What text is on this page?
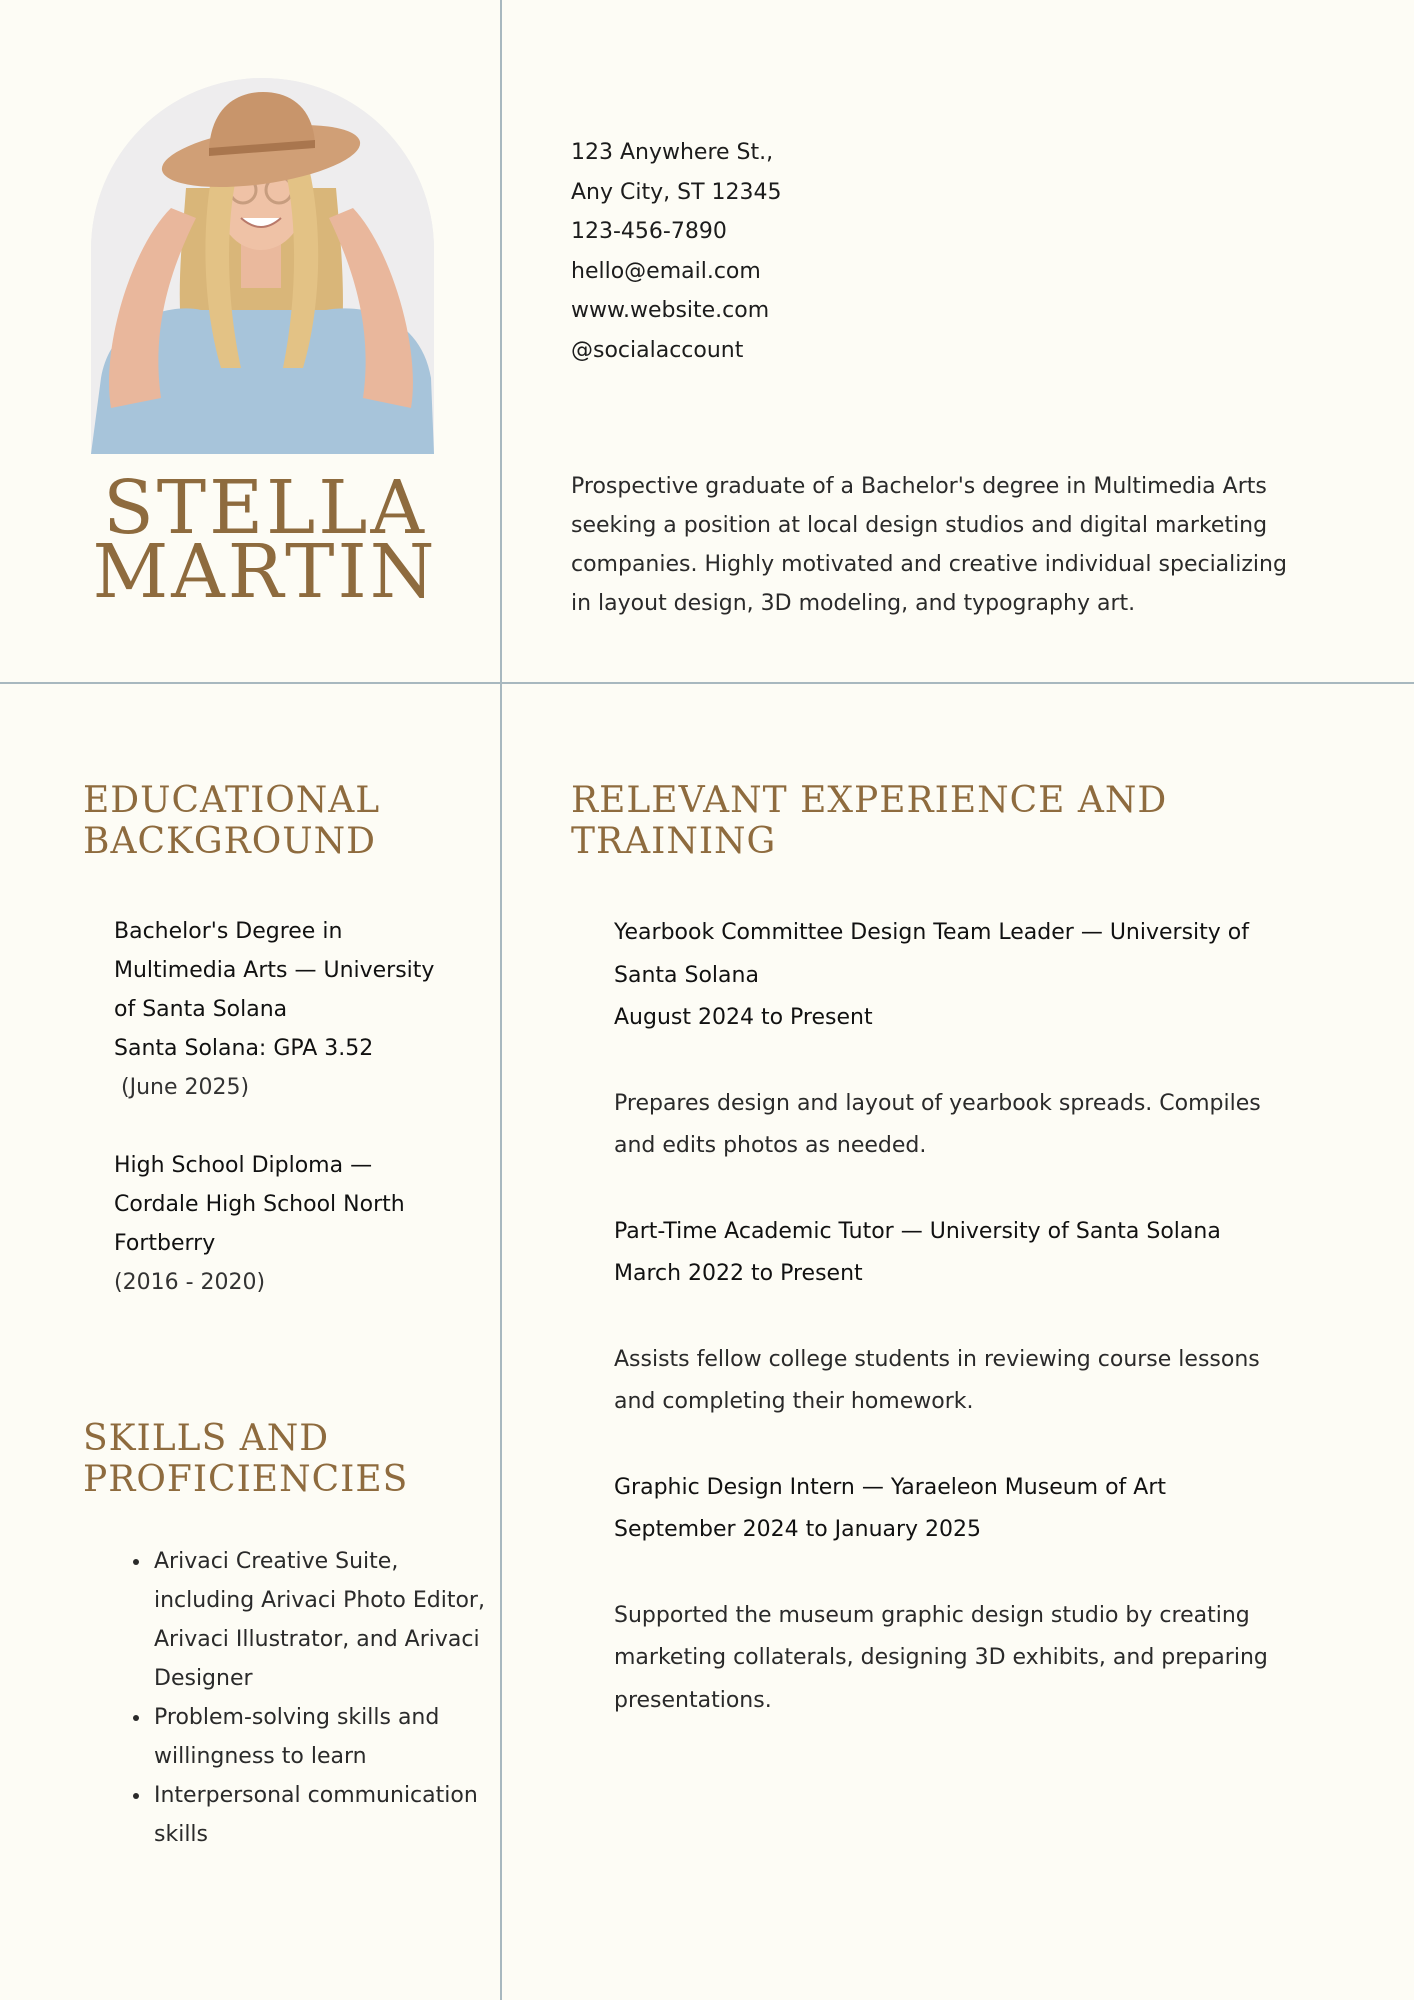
STELLA
MARTIN
123 Anywhere St.,
Any City, ST 12345
123-456-7890
hello@email.com
www.website.com
@socialaccount
Prospective graduate of a Bachelor's degree in Multimedia Arts seeking a position at local design studios and digital marketing companies. Highly motivated and creative individual specializing in layout design, 3D modeling, and typography art.
EDUCATIONAL
BACKGROUND
Bachelor's Degree in
Multimedia Arts — University
of Santa Solana
Santa Solana: GPA 3.52
(June 2025)
High School Diploma —
Cordale High School North
Fortberry
(2016 - 2020)
SKILLS AND
PROFICIENCIES
• Arivaci Creative Suite, including Arivaci Photo Editor, Arivaci Illustrator, and Arivaci Designer
• Problem-solving skills and willingness to learn
• Interpersonal communication skills
RELEVANT EXPERIENCE AND
TRAINING
Yearbook Committee Design Team Leader — University of
Santa Solana
August 2024 to Present
Prepares design and layout of yearbook spreads. Compiles and edits photos as needed.
Part-Time Academic Tutor — University of Santa Solana
March 2022 to Present
Assists fellow college students in reviewing course lessons and completing their homework.
Graphic Design Intern — Yaraeleon Museum of Art
September 2024 to January 2025
Supported the museum graphic design studio by creating marketing collaterals, designing 3D exhibits, and preparing presentations.
